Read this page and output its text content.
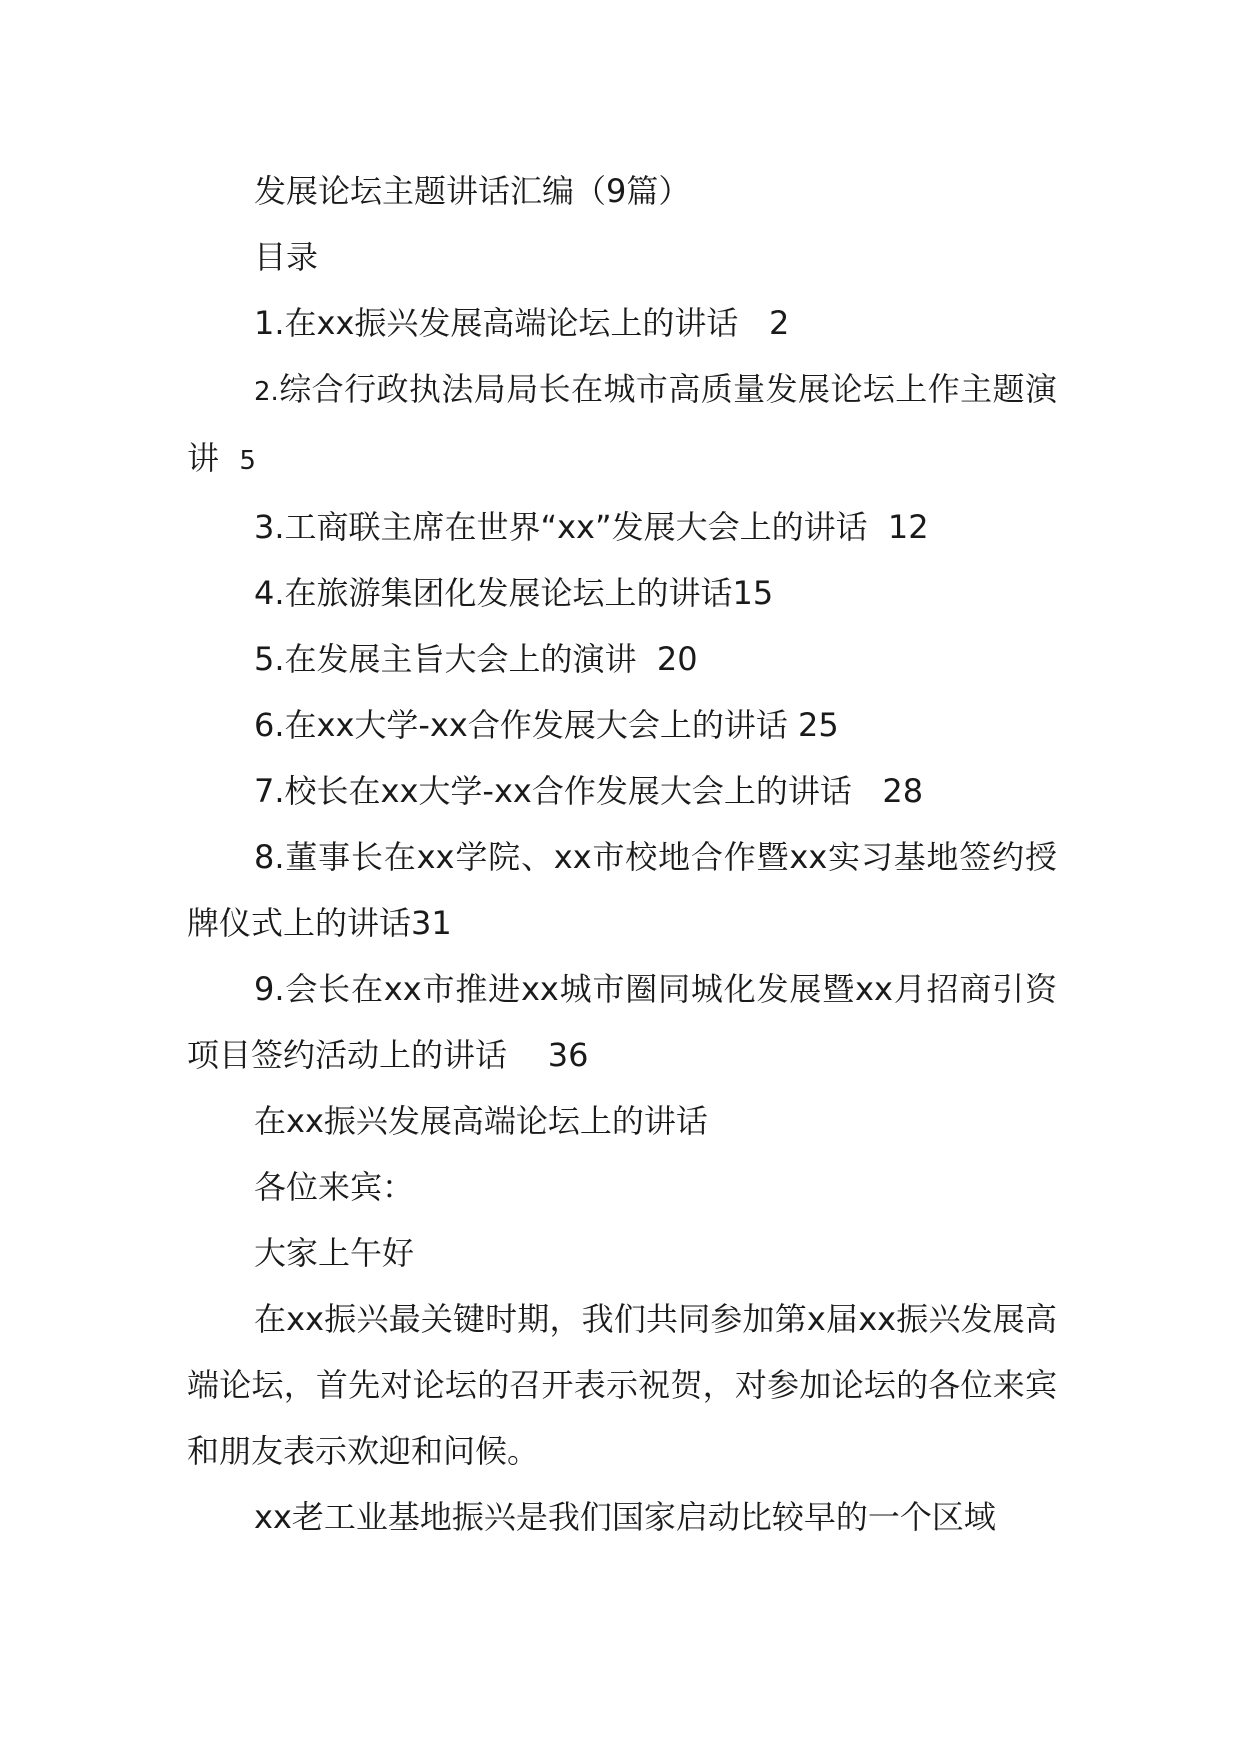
发展论坛主题讲话汇编（9篇）

目录

1.在xx振兴发展高端论坛上的讲话 2

2.综合行政执法局局长在城市高质量发展论坛上作主题演讲 5

3.工商联主席在世界“xx”发展大会上的讲话 12

4.在旅游集团化发展论坛上的讲话15

5.在发展主旨大会上的演讲 20

6.在xx大学-xx合作发展大会上的讲话 25

7.校长在xx大学-xx合作发展大会上的讲话 28

8.董事长在xx学院、xx市校地合作暨xx实习基地签约授牌仪式上的讲话31

9.会长在xx市推进xx城市圈同城化发展暨xx月招商引资项目签约活动上的讲话 36

在xx振兴发展高端论坛上的讲话

各位来宾：

大家上午好

在xx振兴最关键时期，我们共同参加第x届xx振兴发展高端论坛，首先对论坛的召开表示祝贺，对参加论坛的各位来宾和朋友表示欢迎和问候。

xx老工业基地振兴是我们国家启动比较早的一个区域
